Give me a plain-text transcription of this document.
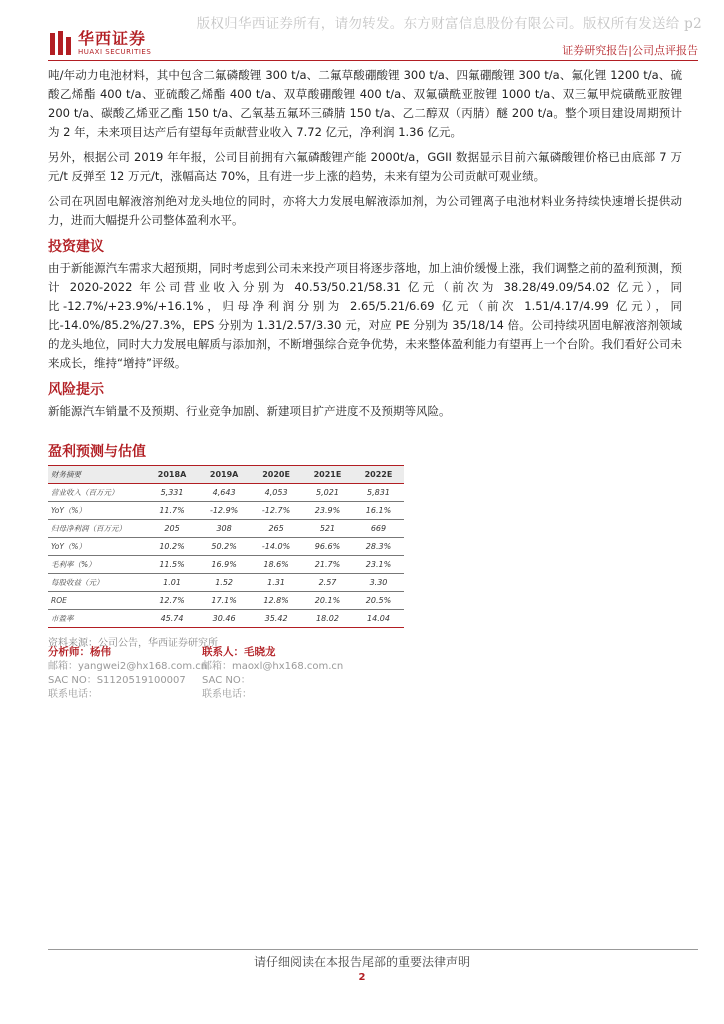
版权归华西证券所有，请勿转发。东方财富信息股份有限公司。版权所有发送给 p2
华西证券
HUAXI SECURITIES	证券研究报告|公司点评报告

吨/年动力电池材料，其中包含二氟磷酸锂 300 t/a、二氟草酸硼酸锂 300 t/a、四氟硼酸锂 300 t/a、氟化锂 1200 t/a、硫酸乙烯酯 400 t/a、亚硫酸乙烯酯 400 t/a、双草酸硼酸锂 400 t/a、双氟磺酰亚胺锂 1000 t/a、双三氟甲烷磺酰亚胺锂 200 t/a、碳酸乙烯亚乙酯 150 t/a、乙氧基五氟环三磷腈 150 t/a、乙二醇双（丙腈）醚 200 t/a。整个项目建设周期预计为 2 年，未来项目达产后有望每年贡献营业收入 7.72 亿元，净利润 1.36 亿元。

另外，根据公司 2019 年年报，公司目前拥有六氟磷酸锂产能 2000t/a，GGII 数据显示目前六氟磷酸锂价格已由底部 7 万元/t 反弹至 12 万元/t，涨幅高达 70%，且有进一步上涨的趋势，未来有望为公司贡献可观业绩。

公司在巩固电解液溶剂绝对龙头地位的同时，亦将大力发展电解液添加剂，为公司锂离子电池材料业务持续快速增长提供动力，进而大幅提升公司整体盈利水平。

投资建议

由于新能源汽车需求大超预期，同时考虑到公司未来投产项目将逐步落地，加上油价缓慢上涨，我们调整之前的盈利预测，预计 2020-2022 年公司营业收入分别为 40.53/50.21/58.31 亿元（前次为 38.28/49.09/54.02 亿元），同比-12.7%/+23.9%/+16.1%，归母净利润分别为 2.65/5.21/6.69 亿元（前次 1.51/4.17/4.99 亿元），同比-14.0%/85.2%/27.3%，EPS 分别为 1.31/2.57/3.30 元，对应 PE 分别为 35/18/14 倍。公司持续巩固电解液溶剂领域的龙头地位，同时大力发展电解质与添加剂，不断增强综合竞争优势，未来整体盈利能力有望再上一个台阶。我们看好公司未来成长，维持“增持”评级。

风险提示

新能源汽车销量不及预期、行业竞争加剧、新建项目扩产进度不及预期等风险。

盈利预测与估值
财务摘要	2018A	2019A	2020E	2021E	2022E
营业收入（百万元）	5,331	4,643	4,053	5,021	5,831
YoY（%）	11.7%	-12.9%	-12.7%	23.9%	16.1%
归母净利润（百万元）	205	308	265	521	669
YoY（%）	10.2%	50.2%	-14.0%	96.6%	28.3%
毛利率（%）	11.5%	16.9%	18.6%	21.7%	23.1%
每股收益（元）	1.01	1.52	1.31	2.57	3.30
ROE	12.7%	17.1%	12.8%	20.1%	20.5%
市盈率	45.74	30.46	35.42	18.02	14.04
资料来源：公司公告，华西证券研究所
分析师：杨伟
邮箱：yangwei2@hx168.com.cn
SAC NO：S1120519100007
联系电话：
联系人：毛晓龙
邮箱：maoxl@hx168.com.cn
SAC NO：
联系电话：
请仔细阅读在本报告尾部的重要法律声明
2
